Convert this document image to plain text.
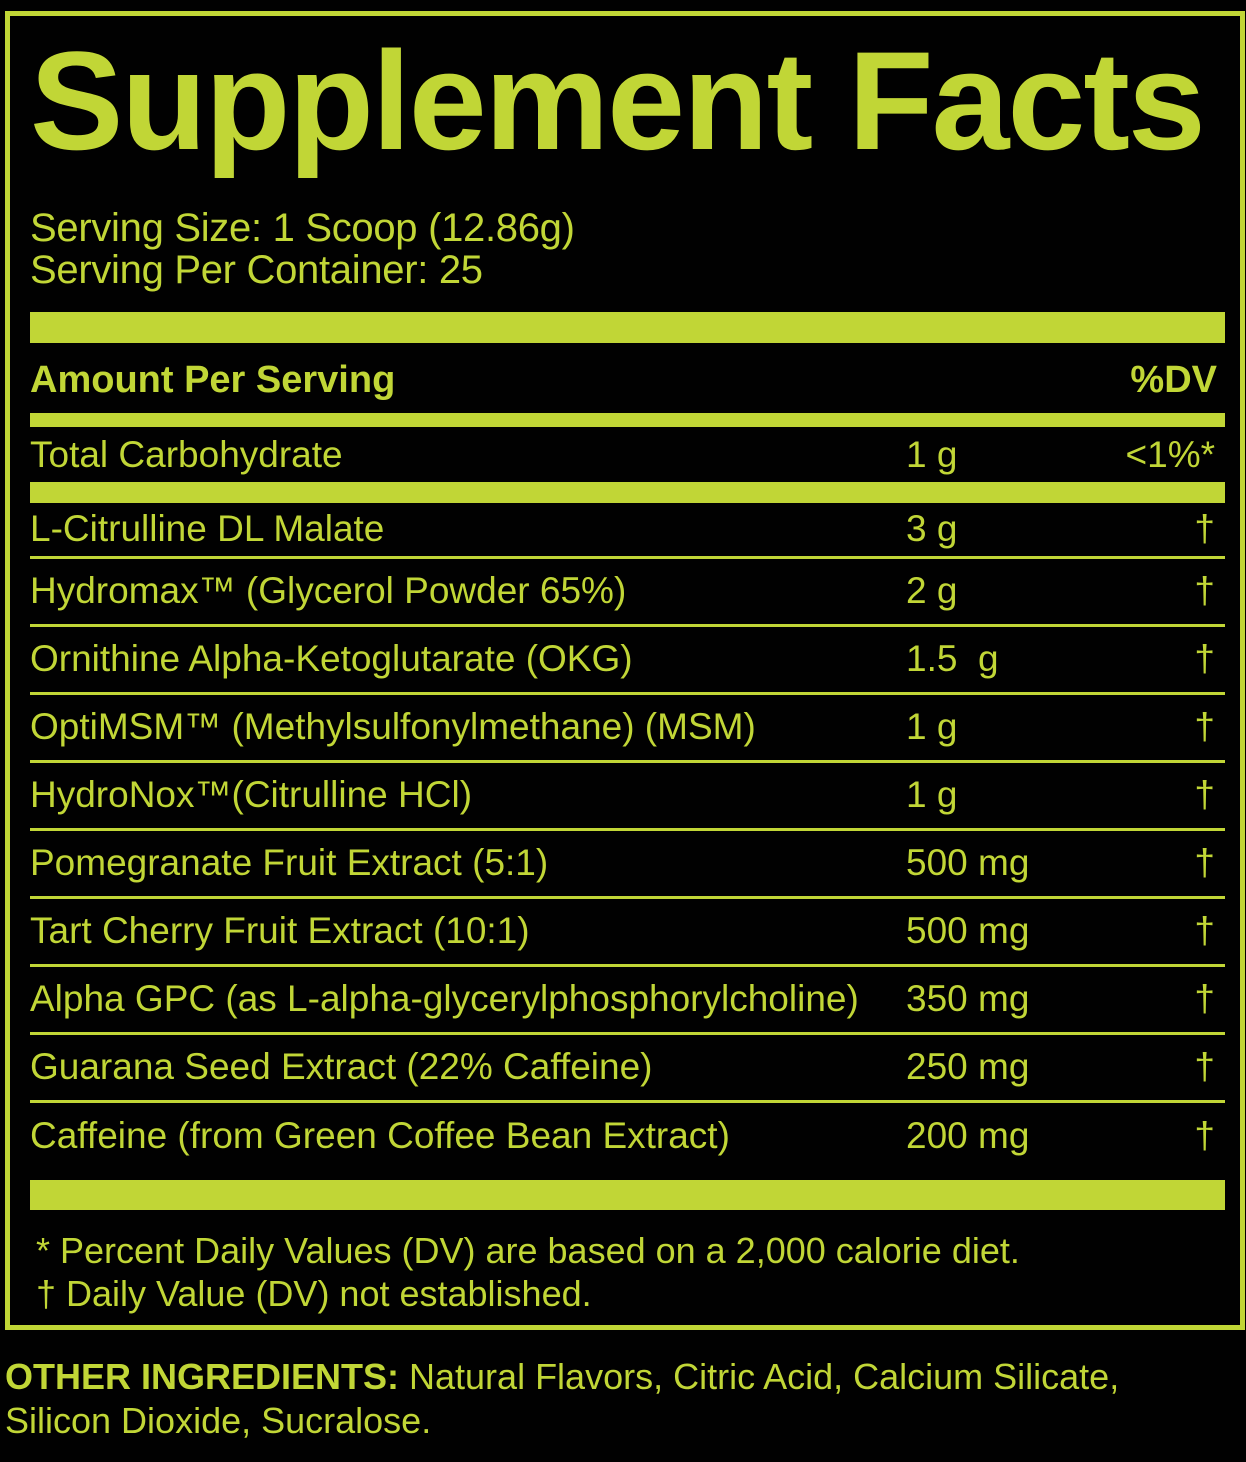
Supplement Facts
Serving Size: 1 Scoop (12.86g)
Serving Per Container: 25
Amount Per Serving	%DV
Total Carbohydrate	1 g	<1%*
L-Citrulline DL Malate	3 g	†
Hydromax™ (Glycerol Powder 65%)	2 g	†
Ornithine Alpha-Ketoglutarate (OKG)	1.5  g	†
OptiMSM™ (Methylsulfonylmethane) (MSM)	1 g	†
HydroNox™(Citrulline HCl)	1 g	†
Pomegranate Fruit Extract (5:1)	500 mg	†
Tart Cherry Fruit Extract (10:1)	500 mg	†
Alpha GPC (as L-alpha-glycerylphosphorylcholine) 350 mg	†
Guarana Seed Extract (22% Caffeine)	250 mg	†
Caffeine (from Green Coffee Bean Extract)	200 mg	†
* Percent Daily Values (DV) are based on a 2,000 calorie diet.
† Daily Value (DV) not established.

OTHER INGREDIENTS: Natural Flavors, Citric Acid, Calcium Silicate,
Silicon Dioxide, Sucralose.
